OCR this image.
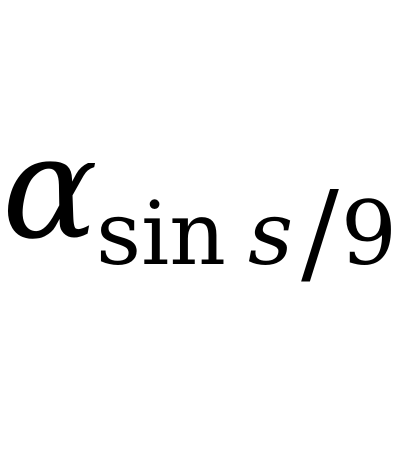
α
sin s/9
